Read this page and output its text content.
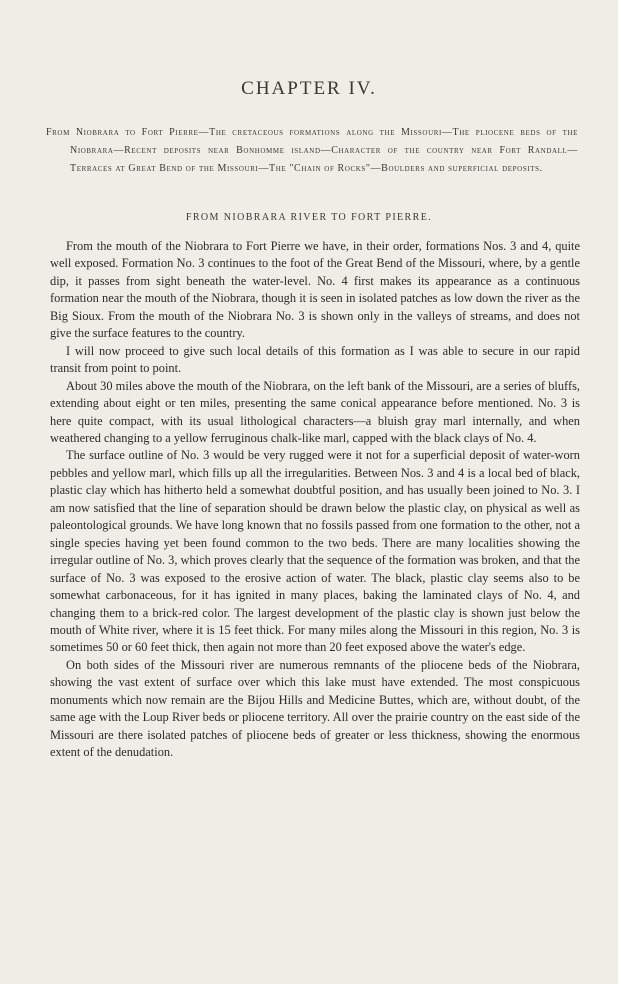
CHAPTER IV.
From Niobrara to Fort Pierre—The cretaceous formations along the Missouri—The pliocene beds of the Niobrara—Recent deposits near Bonhomme island—Character of the country near Fort Randall—Terraces at Great Bend of the Missouri—The "Chain of Rocks"—Boulders and superficial deposits.
FROM NIOBRARA RIVER TO FORT PIERRE.

From the mouth of the Niobrara to Fort Pierre we have, in their order, formations Nos. 3 and 4, quite well exposed. Formation No. 3 continues to the foot of the Great Bend of the Missouri, where, by a gentle dip, it passes from sight beneath the water-level. No. 4 first makes its appearance as a continuous formation near the mouth of the Niobrara, though it is seen in isolated patches as low down the river as the Big Sioux. From the mouth of the Niobrara No. 3 is shown only in the valleys of streams, and does not give the surface features to the country.

I will now proceed to give such local details of this formation as I was able to secure in our rapid transit from point to point.

About 30 miles above the mouth of the Niobrara, on the left bank of the Missouri, are a series of bluffs, extending about eight or ten miles, presenting the same conical appearance before mentioned. No. 3 is here quite compact, with its usual lithological characters—a bluish gray marl internally, and when weathered changing to a yellow ferruginous chalk-like marl, capped with the black clays of No. 4.

The surface outline of No. 3 would be very rugged were it not for a superficial deposit of water-worn pebbles and yellow marl, which fills up all the irregularities. Between Nos. 3 and 4 is a local bed of black, plastic clay which has hitherto held a somewhat doubtful position, and has usually been joined to No. 3. I am now satisfied that the line of separation should be drawn below the plastic clay, on physical as well as paleontological grounds. We have long known that no fossils passed from one formation to the other, not a single species having yet been found common to the two beds. There are many localities showing the irregular outline of No. 3, which proves clearly that the sequence of the formation was broken, and that the surface of No. 3 was exposed to the erosive action of water. The black, plastic clay seems also to be somewhat carbonaceous, for it has ignited in many places, baking the laminated clays of No. 4, and changing them to a brick-red color. The largest development of the plastic clay is shown just below the mouth of White river, where it is 15 feet thick. For many miles along the Missouri in this region, No. 3 is sometimes 50 or 60 feet thick, then again not more than 20 feet exposed above the water's edge.

On both sides of the Missouri river are numerous remnants of the pliocene beds of the Niobrara, showing the vast extent of surface over which this lake must have extended. The most conspicuous monuments which now remain are the Bijou Hills and Medicine Buttes, which are, without doubt, of the same age with the Loup River beds or pliocene territory. All over the prairie country on the east side of the Missouri are there isolated patches of pliocene beds of greater or less thickness, showing the enormous extent of the denudation.
